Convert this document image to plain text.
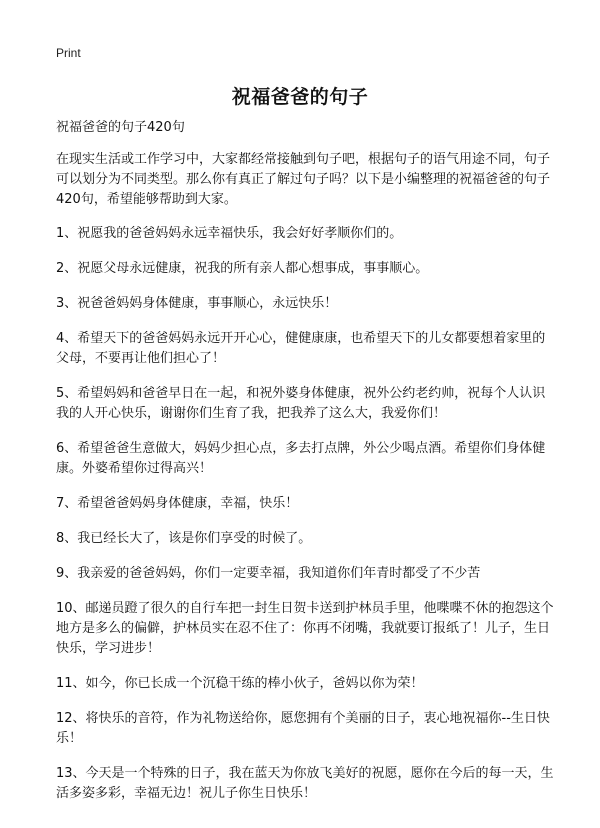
Print
祝福爸爸的句子

祝福爸爸的句子420句

在现实生活或工作学习中，大家都经常接触到句子吧，根据句子的语气用途不同，句子可以划分为不同类型。那么你有真正了解过句子吗？以下是小编整理的祝福爸爸的句子420句，希望能够帮助到大家。

1、祝愿我的爸爸妈妈永远幸福快乐，我会好好孝顺你们的。

2、祝愿父母永远健康，祝我的所有亲人都心想事成，事事顺心。

3、祝爸爸妈妈身体健康，事事顺心，永远快乐！

4、希望天下的爸爸妈妈永远开开心心，健健康康，也希望天下的儿女都要想着家里的父母，不要再让他们担心了！

5、希望妈妈和爸爸早日在一起，和祝外婆身体健康，祝外公约老约帅，祝每个人认识我的人开心快乐，谢谢你们生育了我，把我养了这么大，我爱你们！

6、希望爸爸生意做大，妈妈少担心点，多去打点牌，外公少喝点酒。希望你们身体健康。外婆希望你过得高兴！

7、希望爸爸妈妈身体健康，幸福，快乐！

8、我已经长大了，该是你们享受的时候了。

9、我亲爱的爸爸妈妈，你们一定要幸福，我知道你们年青时都受了不少苦

10、邮递员蹬了很久的自行车把一封生日贺卡送到护林员手里，他喋喋不休的抱怨这个地方是多么的偏僻，护林员实在忍不住了：你再不闭嘴，我就要订报纸了！儿子，生日快乐，学习进步！

11、如今，你已长成一个沉稳干练的棒小伙子，爸妈以你为荣！

12、将快乐的音符，作为礼物送给你，愿您拥有个美丽的日子，衷心地祝福你--生日快乐！

13、今天是一个特殊的日子，我在蓝天为你放飞美好的祝愿，愿你在今后的每一天，生活多姿多彩，幸福无边！祝儿子你生日快乐！
